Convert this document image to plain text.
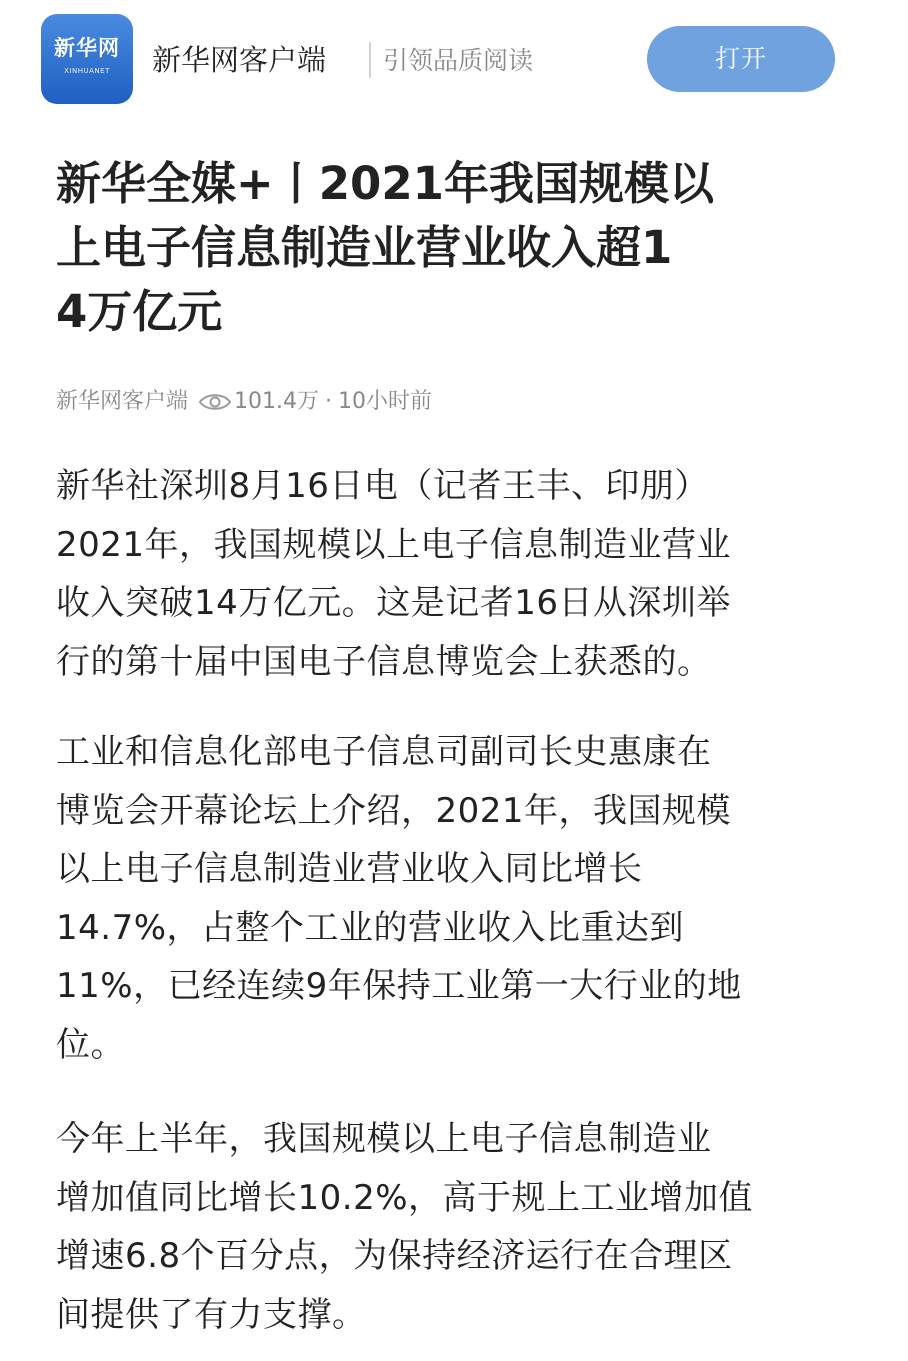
新华网
XINHUANET 新华网客户端 引领品质阅读	打开
新华全媒+丨2021年我国规模以
上电子信息制造业营业收入超1
4万亿元
新华网客户端 101.4万 · 10小时前

新华社深圳8月16日电（记者王丰、印朋）
2021年，我国规模以上电子信息制造业营业
收入突破14万亿元。这是记者16日从深圳举
行的第十届中国电子信息博览会上获悉的。

工业和信息化部电子信息司副司长史惠康在
博览会开幕论坛上介绍，2021年，我国规模
以上电子信息制造业营业收入同比增长
14.7%，占整个工业的营业收入比重达到
11%，已经连续9年保持工业第一大行业的地
位。

今年上半年，我国规模以上电子信息制造业
增加值同比增长10.2%，高于规上工业增加值
增速6.8个百分点，为保持经济运行在合理区
间提供了有力支撑。
